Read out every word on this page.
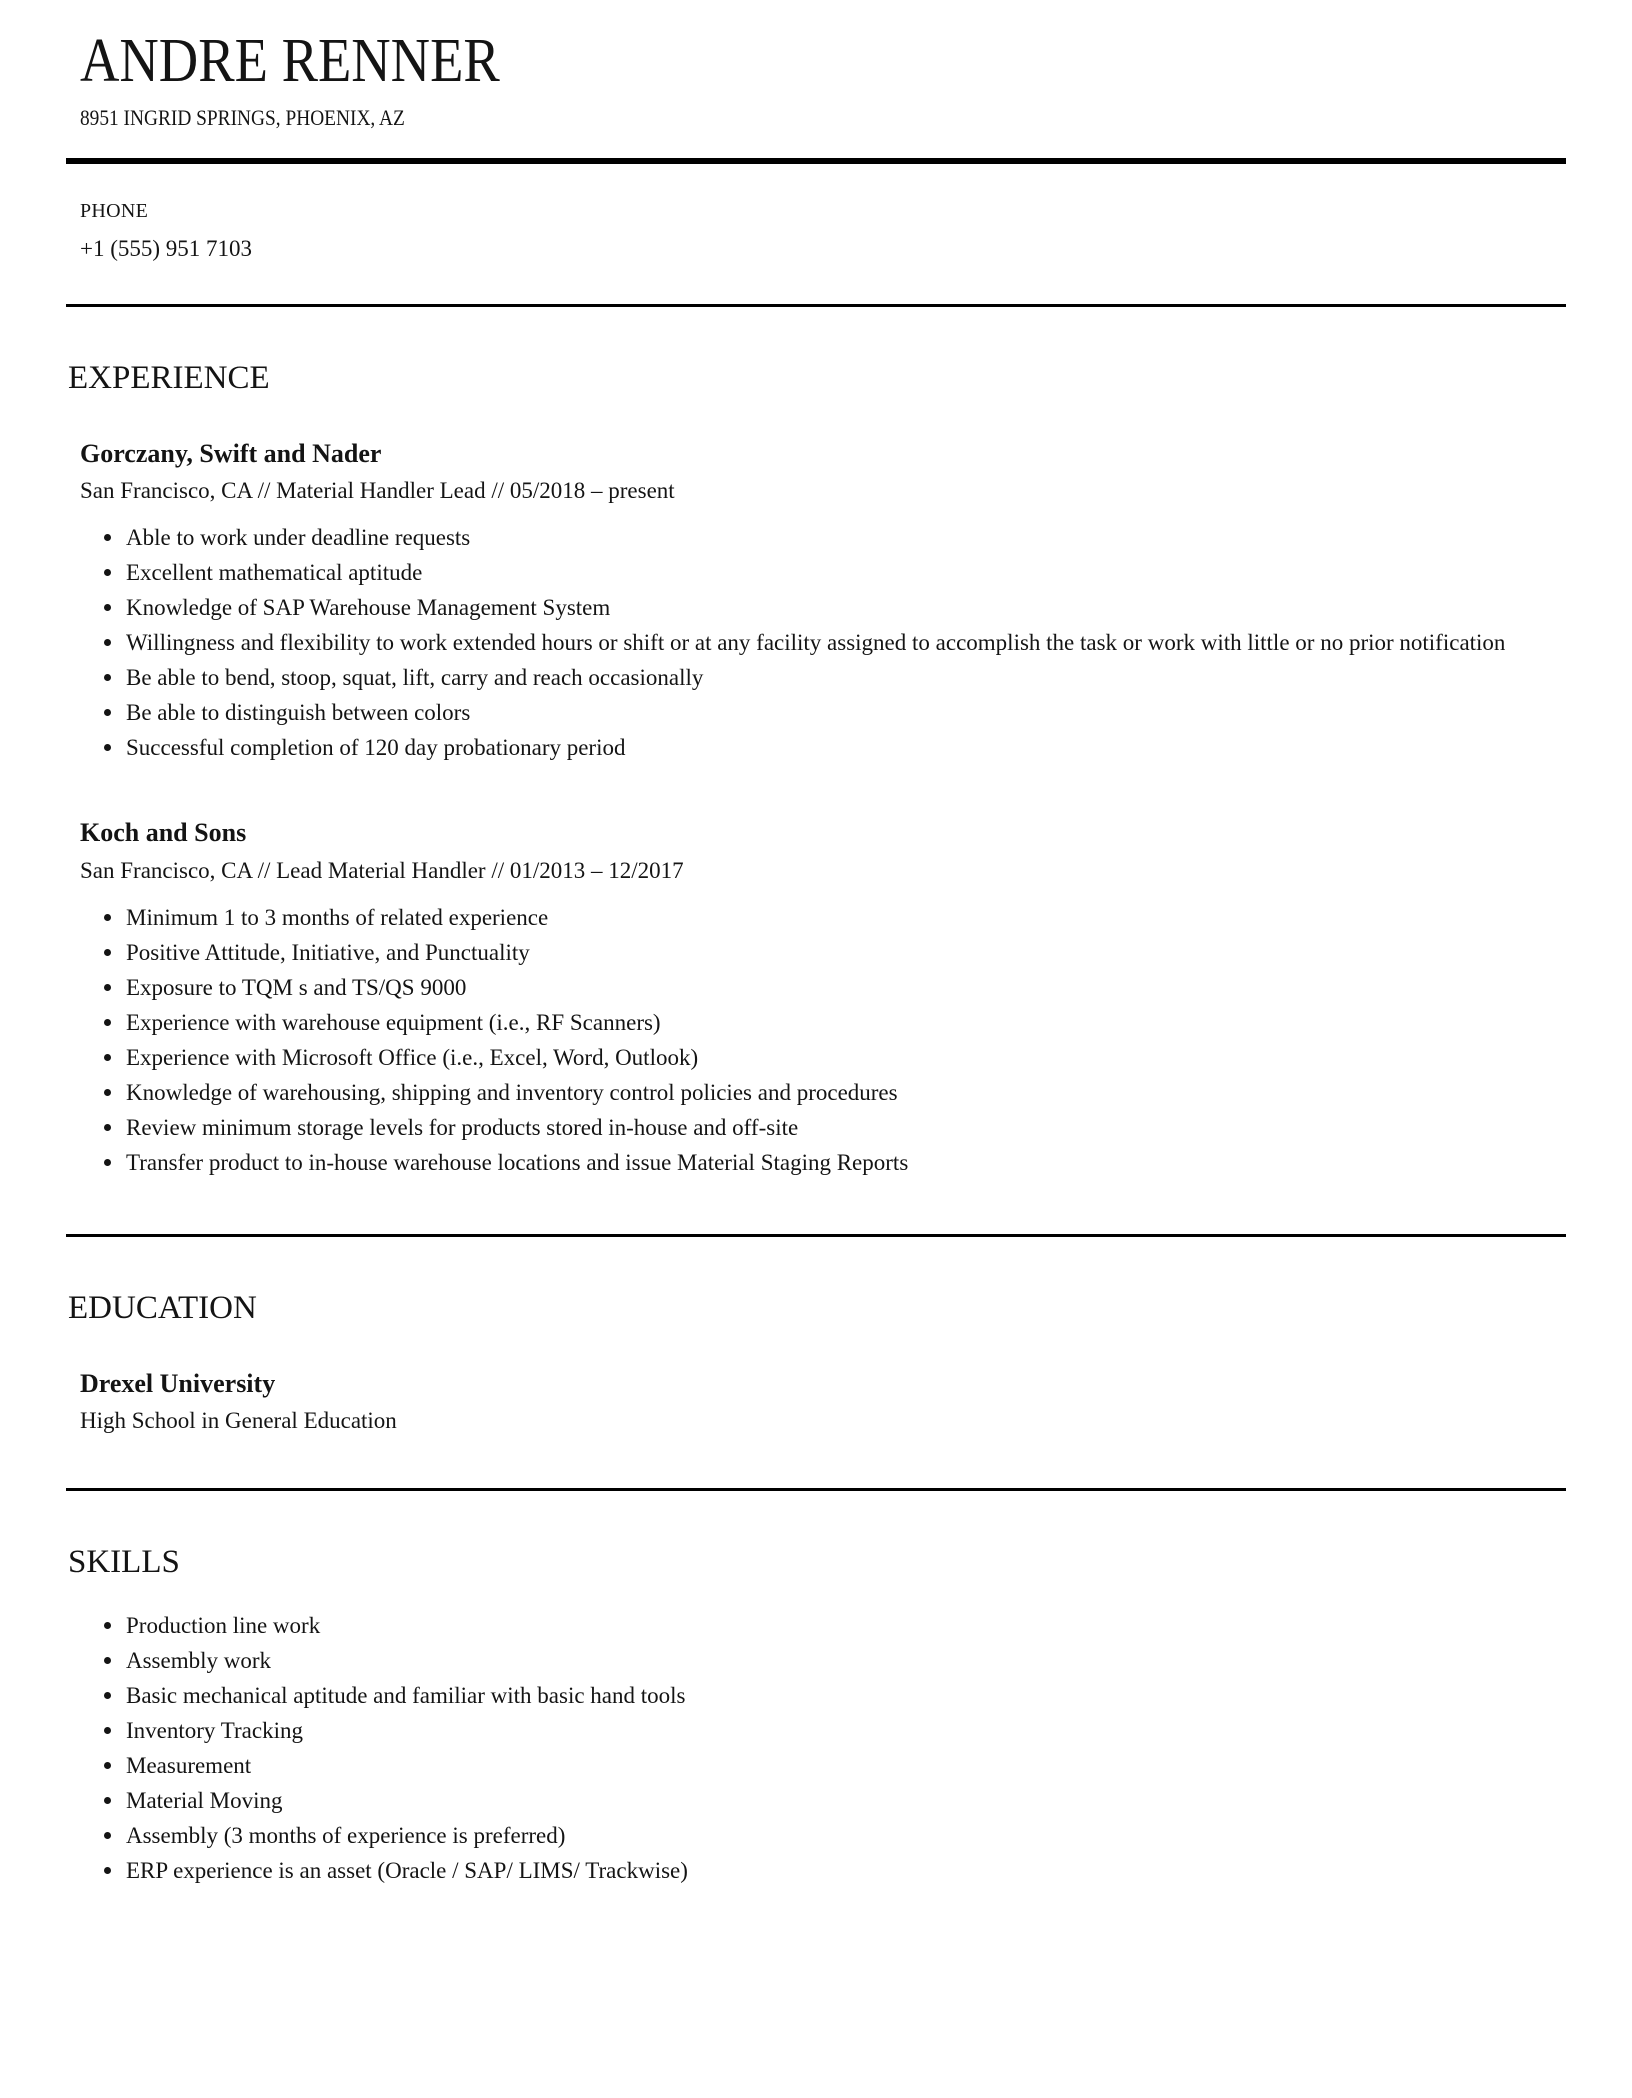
ANDRE RENNER
8951 INGRID SPRINGS, PHOENIX, AZ
PHONE
+1 (555) 951 7103
EXPERIENCE
Gorczany, Swift and Nader
San Francisco, CA // Material Handler Lead // 05/2018 – present
Able to work under deadline requests
Excellent mathematical aptitude
Knowledge of SAP Warehouse Management System
Willingness and flexibility to work extended hours or shift or at any facility assigned to accomplish the task or work with little or no prior notification
Be able to bend, stoop, squat, lift, carry and reach occasionally
Be able to distinguish between colors
Successful completion of 120 day probationary period
Koch and Sons
San Francisco, CA // Lead Material Handler // 01/2013 – 12/2017
Minimum 1 to 3 months of related experience
Positive Attitude, Initiative, and Punctuality
Exposure to TQM s and TS/QS 9000
Experience with warehouse equipment (i.e., RF Scanners)
Experience with Microsoft Office (i.e., Excel, Word, Outlook)
Knowledge of warehousing, shipping and inventory control policies and procedures
Review minimum storage levels for products stored in-house and off-site
Transfer product to in-house warehouse locations and issue Material Staging Reports
EDUCATION
Drexel University
High School in General Education
SKILLS
Production line work
Assembly work
Basic mechanical aptitude and familiar with basic hand tools
Inventory Tracking
Measurement
Material Moving
Assembly (3 months of experience is preferred)
ERP experience is an asset (Oracle / SAP/ LIMS/ Trackwise)
